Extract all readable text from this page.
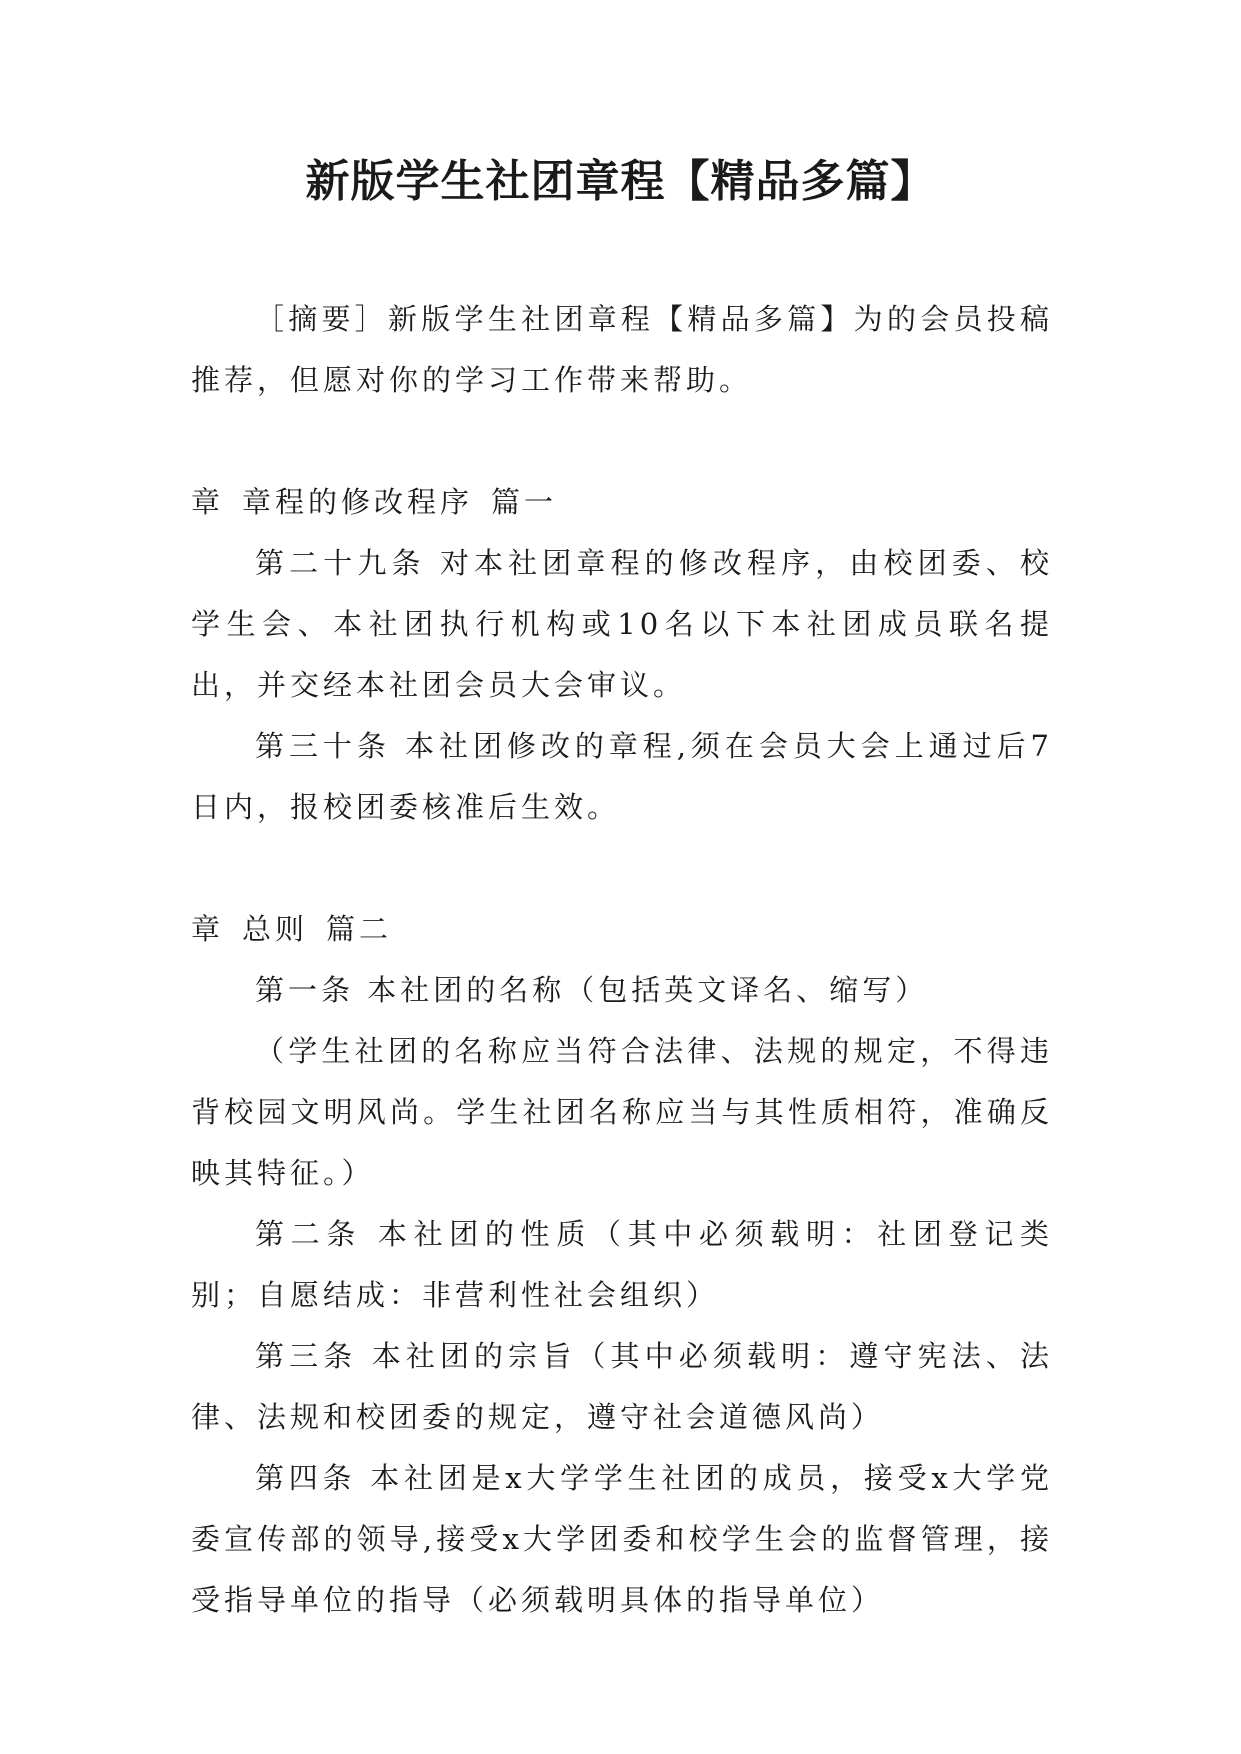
新版学生社团章程【精品多篇】

［摘要］新版学生社团章程【精品多篇】为的会员投稿推荐，但愿对你的学习工作带来帮助。

章 章程的修改程序 篇一

第二十九条 对本社团章程的修改程序，由校团委、校学生会、本社团执行机构或10名以下本社团成员联名提出，并交经本社团会员大会审议。

第三十条 本社团修改的章程,须在会员大会上通过后7日内，报校团委核准后生效。

章 总则 篇二

第一条 本社团的名称（包括英文译名、缩写）

（学生社团的名称应当符合法律、法规的规定，不得违背校园文明风尚。学生社团名称应当与其性质相符，准确反映其特征。）

第二条 本社团的性质（其中必须载明：社团登记类别；自愿结成：非营利性社会组织）

第三条 本社团的宗旨（其中必须载明：遵守宪法、法律、法规和校团委的规定，遵守社会道德风尚）

第四条 本社团是x大学学生社团的成员，接受x大学党委宣传部的领导,接受x大学团委和校学生会的监督管理，接受指导单位的指导（必须载明具体的指导单位）
